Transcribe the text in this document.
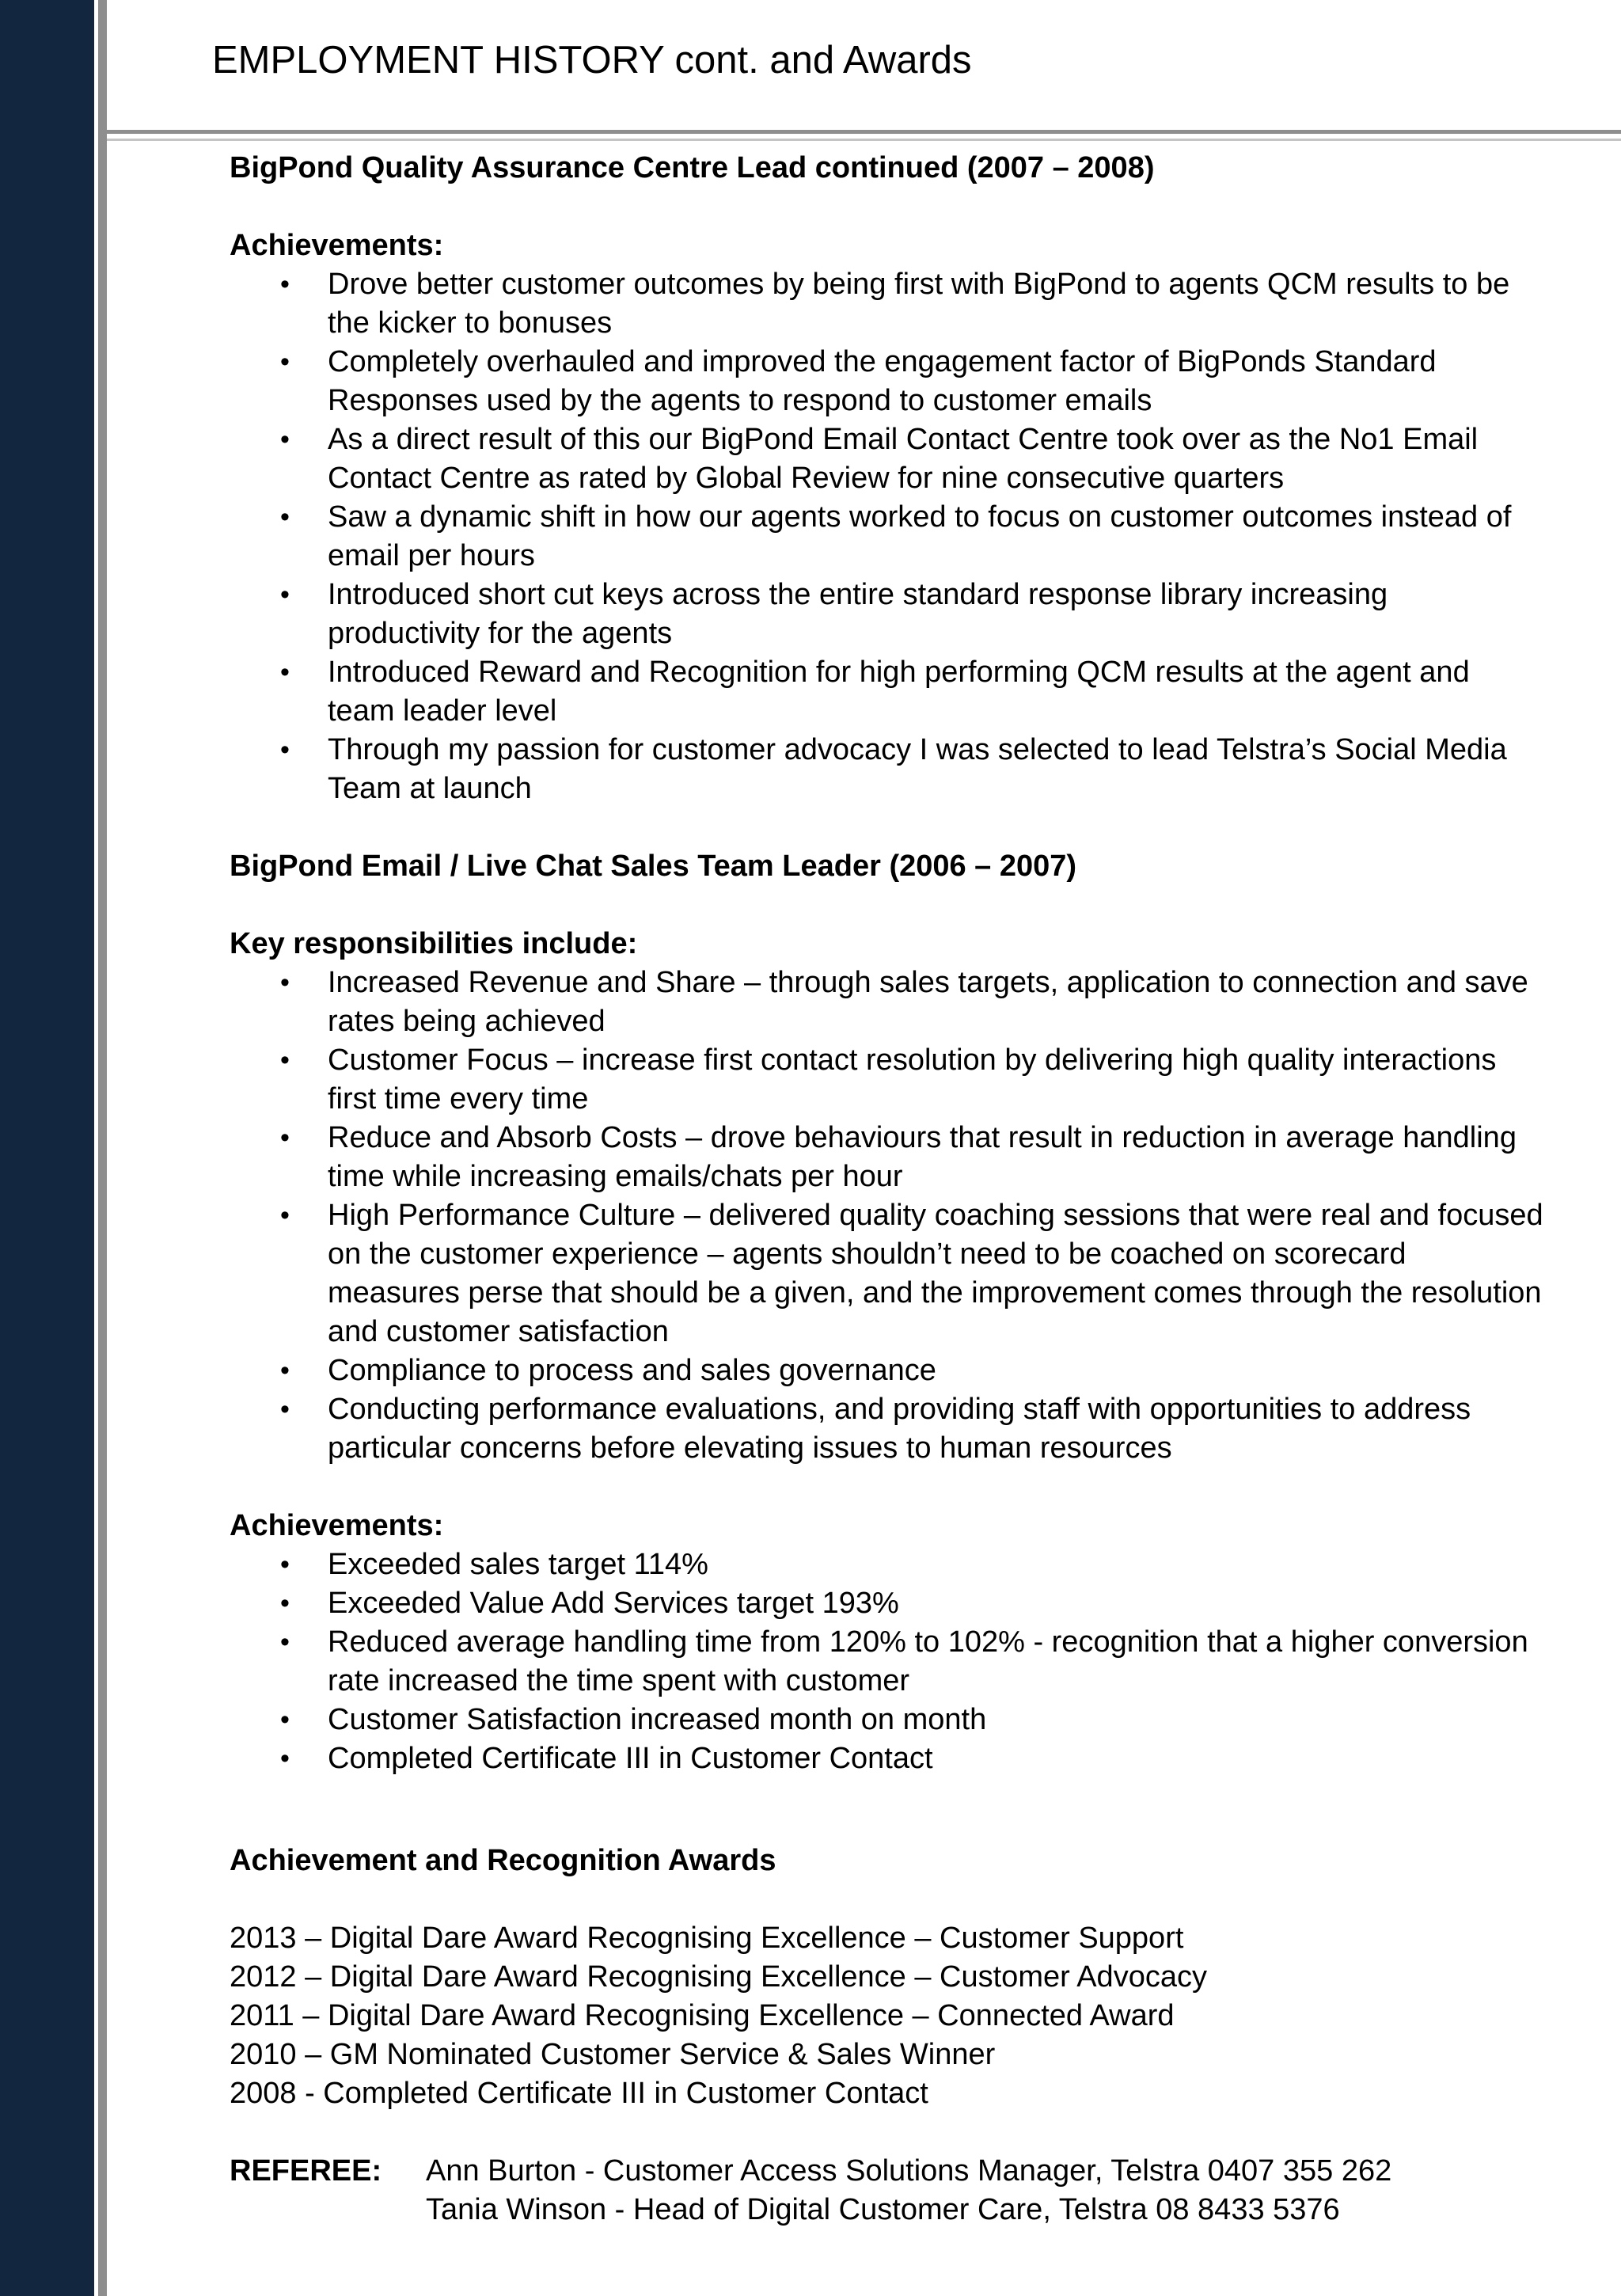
EMPLOYMENT HISTORY cont. and Awards
BigPond Quality Assurance Centre Lead continued (2007 – 2008)
Achievements:
• Drove better customer outcomes by being first with BigPond to agents QCM results to be the kicker to bonuses
• Completely overhauled and improved the engagement factor of BigPonds Standard Responses used by the agents to respond to customer emails
• As a direct result of this our BigPond Email Contact Centre took over as the No1 Email Contact Centre as rated by Global Review for nine consecutive quarters
• Saw a dynamic shift in how our agents worked to focus on customer outcomes instead of email per hours
• Introduced short cut keys across the entire standard response library increasing productivity for the agents
• Introduced Reward and Recognition for high performing QCM results at the agent and team leader level
• Through my passion for customer advocacy I was selected to lead Telstra’s Social Media Team at launch
BigPond Email / Live Chat Sales Team Leader (2006 – 2007)
Key responsibilities include:
• Increased Revenue and Share – through sales targets, application to connection and save rates being achieved
• Customer Focus – increase first contact resolution by delivering high quality interactions first time every time
• Reduce and Absorb Costs – drove behaviours that result in reduction in average handling time while increasing emails/chats per hour
• High Performance Culture – delivered quality coaching sessions that were real and focused on the customer experience – agents shouldn’t need to be coached on scorecard measures perse that should be a given, and the improvement comes through the resolution and customer satisfaction
• Compliance to process and sales governance
• Conducting performance evaluations, and providing staff with opportunities to address particular concerns before elevating issues to human resources
Achievements:
• Exceeded sales target 114%
• Exceeded Value Add Services target 193%
• Reduced average handling time from 120% to 102% - recognition that a higher conversion rate increased the time spent with customer
• Customer Satisfaction increased month on month
• Completed Certificate III in Customer Contact
Achievement and Recognition Awards
2013 – Digital Dare Award Recognising Excellence – Customer Support
2012 – Digital Dare Award Recognising Excellence – Customer Advocacy
2011 – Digital Dare Award Recognising Excellence – Connected Award
2010 – GM Nominated Customer Service & Sales Winner
2008 - Completed Certificate III in Customer Contact
REFEREE:	Ann Burton - Customer Access Solutions Manager, Telstra 0407 355 262
Tania Winson - Head of Digital Customer Care, Telstra 08 8433 5376
